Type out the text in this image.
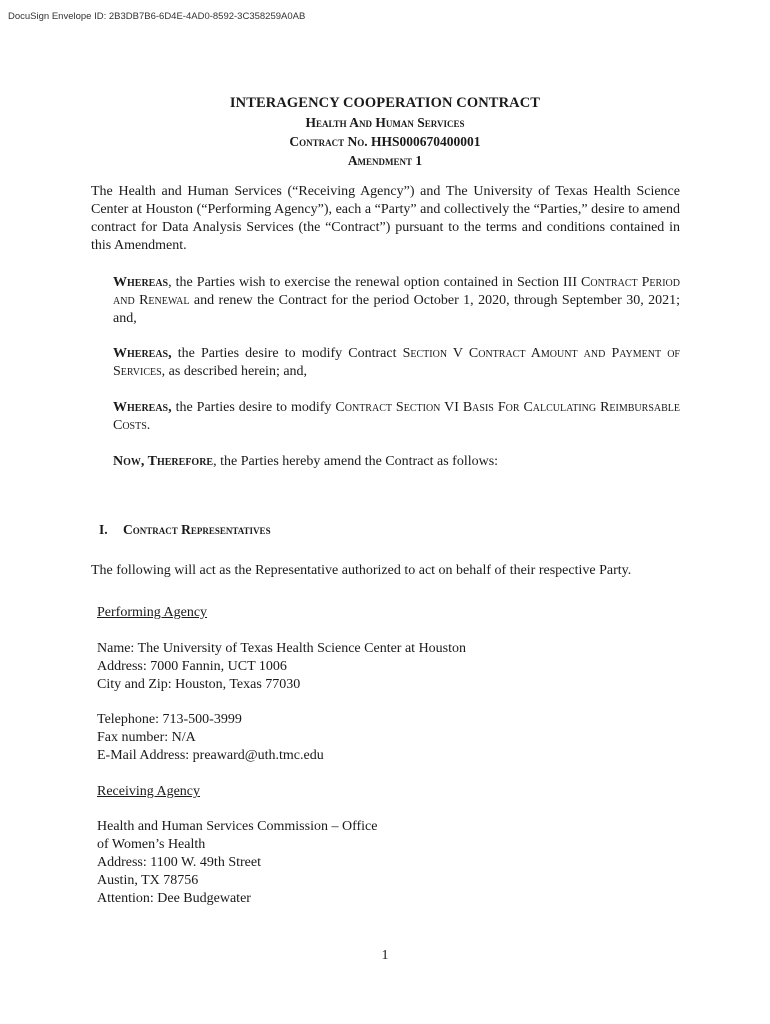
DocuSign Envelope ID: 2B3DB7B6-6D4E-4AD0-8592-3C358259A0AB
INTERAGENCY COOPERATION CONTRACT
Health And Human Services
Contract No. HHS000670400001
Amendment 1
The Health and Human Services (“Receiving Agency”) and The University of Texas Health Science Center at Houston (“Performing Agency”), each a “Party” and collectively the “Parties,” desire to amend contract for Data Analysis Services (the “Contract”) pursuant to the terms and conditions contained in this Amendment.
Whereas, the Parties wish to exercise the renewal option contained in Section III Contract Period and Renewal and renew the Contract for the period October 1, 2020, through September 30, 2021; and,
Whereas, the Parties desire to modify Contract Section V Contract Amount and Payment of Services, as described herein; and,
Whereas, the Parties desire to modify Contract Section VI Basis For Calculating Reimbursable Costs.
Now, Therefore, the Parties hereby amend the Contract as follows:
I. Contract Representatives
The following will act as the Representative authorized to act on behalf of their respective Party.
Performing Agency
Name: The University of Texas Health Science Center at Houston
Address: 7000 Fannin, UCT 1006
City and Zip: Houston, Texas 77030
Telephone: 713-500-3999
Fax number: N/A
E-Mail Address: preaward@uth.tmc.edu
Receiving Agency
Health and Human Services Commission – Office
of Women’s Health
Address: 1100 W. 49th Street
Austin, TX 78756
Attention: Dee Budgewater
1
